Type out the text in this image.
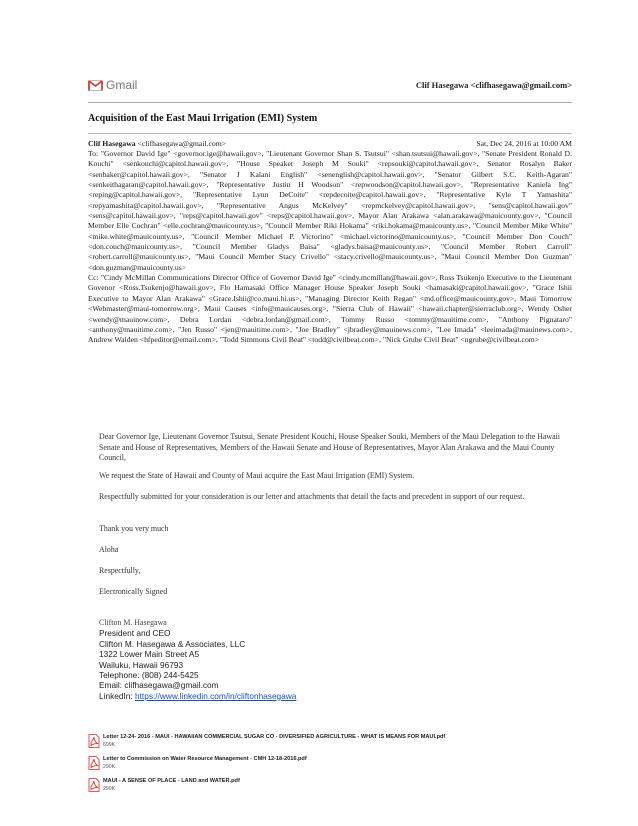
Gmail	Clif Hasegawa <clifhasegawa@gmail.com>
Acquisition of the East Maui Irrigation (EMI) System
Clif Hasegawa <clifhasegawa@gmail.com>	Sat, Dec 24, 2016 at 10:00 AM

To: "Governor David Ige" <governor.ige@hawaii.gov>, "Lieutenant Governor Shan S. Tsutsui" <shan.tsutsui@hawaii.gov>, "Senate President Ronald D. Kouchi" <senkouchi@capitol.hawaii.gov>, "House Speaker Joseph M Souki" <repsouki@capitol.hawaii.gov>, Senator Rosalyn Baker <senbaker@capitol.hawaii.gov>, "Senator J Kalani English" <senenglish@capitol.hawaii.gov>, "Senator Gilbert S.C. Keith-Agaran" <senkeithagaran@capitol.hawaii.gov>, "Representative Justin H Woodson" <repwoodson@capitol.hawaii.gov>, "Representative Kaniela Ing" <reping@capitol.hawaii.gov>, "Representative Lynn DeCoite" <repdecoite@capitol.hawaii.gov>, "Representative Kyle T Yamashita" <repyamashita@capitol.hawaii.gov>, "Representative Angus McKelvey" <repmckelvey@capitol.hawaii.gov>, "sens@capitol.hawaii.gov" <sens@capitol.hawaii.gov>, "reps@capitol.hawaii.gov" <reps@capitol.hawaii.gov>, Mayor Alan Arakawa <alan.arakawa@mauicounty.gov>, "Council Member Elle Cochran" <elle.cochran@mauicounty.us>, "Council Member Riki Hokama" <riki.hokama@mauicounty.us>, "Council Member Mike White" <mike.white@mauicounty.us>, "Council Member Michael P. Victorino" <michael.victorino@mauicounty.us>, "Council Member Don Couch" <don.couch@mauicounty.us>, "Council Member Gladys Baisa" <gladys.baisa@mauicounty.us>, "Council Member Robert Carroll" <robert.carroll@mauicounty.us>, "Maui Council Member Stacy Crivello" <stacy.crivello@mauicounty.us>, "Maui Council Member Don Guzman" <don.guzman@mauicounty.us>

Cc: "Cindy McMillan Communications Director Office of Governor David Ige" <cindy.mcmillan@hawaii.gov>, Ross Tsukenjo Executive to the Lieutenant Govenor <Ross.Tsukenjo@hawaii.gov>, Flo Hamasaki Office Manager House Speaker Joseph Souki <hamasaki@capitol.hawaii.gov>, "Grace Ishii Executive to Mayor Alan Arakawa" <Grace.Ishii@co.maui.hi.us>, "Managing Director Keith Regan" <md.office@mauicounty.gov>, Maui Tomorrow <Webmaster@maui-tomorrow.org>, Maui Causes <info@mauicauses.org>, "Sierra Club of Hawaii" <hawaii.chapter@sierraclub.org>, Wendy Osher <wendy@mauinow.com>, Debra Lordan <debra.lordan@gmail.com>, Tommy Russo <tommy@mauitime.com>, "Anthony Pignataro" <anthony@mauitime.com>, "Jen Russo" <jen@mauitime.com>, "Joe Bradley" <jbradley@mauinews.com>, "Lee Imada" <leeimada@mauinews.com>, Andrew Walden <hfpeditor@email.com>, "Todd Simmons Civil Beat" <todd@civilbeat.com>, "Nick Grube Civil Beat" <ngrube@civilbeat.com>

Dear Governor Ige, Lieutenant Governor Tsutsui, Senate President Kouchi, House Speaker Souki, Members of the Maui Delegation to the Hawaii Senate and House of Representatives, Members of the Hawaii Senate and House of Representatives, Mayor Alan Arakawa and the Maui County Council,

We request the State of Hawaii and County of Maui acquire the East Maui Irrigation (EMI) System.

Respectfully submitted for your consideration is our letter and attachments that detail the facts and precedent in support of our request.

Thank you very much

Aloha

Respectfully,

Electronically Signed

Clifton M. Hasegawa
President and CEO
Clifton M. Hasegawa & Associates, LLC
1322 Lower Main Street A5
Wailuku, Hawaii 96793
Telephone: (808) 244-5425
Email: clifhasegawa@gmail.com
LinkedIn: https://www.linkedin.com/in/cliftonhasegawa
Letter 12-24- 2016 - MAUI - HAWAIIAN COMMERCIAL SUGAR CO - DIVERSIFIED AGRICULTURE - WHAT IS MEANS FOR MAUI.pdf
699K
Letter to Commission on Water Resource Management - CMH 12-18-2016.pdf
290K
MAUI - A SENSE OF PLACE - LAND and WATER.pdf
290K
